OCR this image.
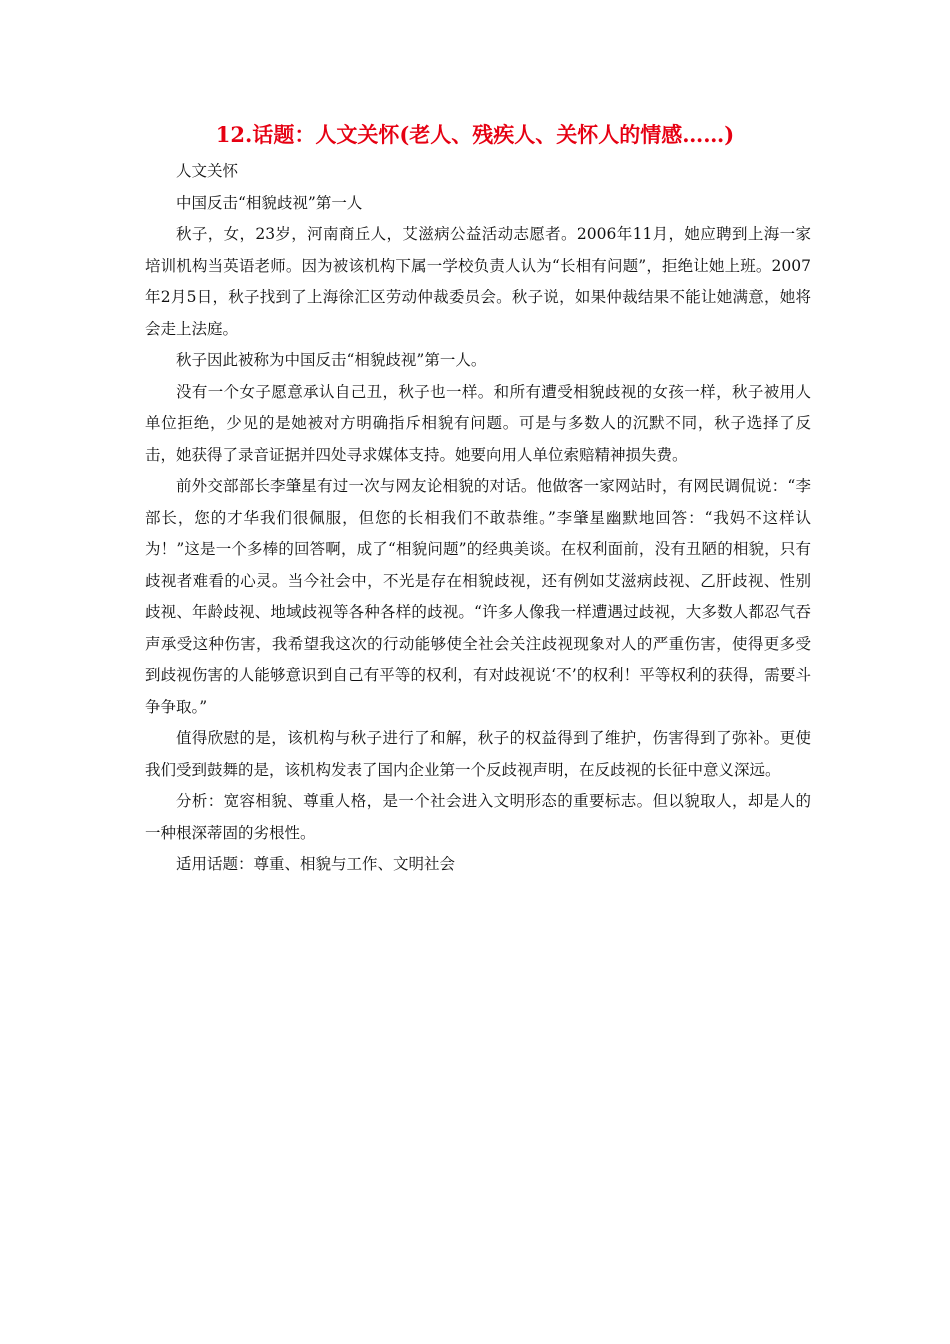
12.话题：人文关怀(老人、残疾人、关怀人的情感……)

人文关怀

中国反击“相貌歧视”第一人

秋子，女，23岁，河南商丘人，艾滋病公益活动志愿者。2006年11月，她应聘到上海一家培训机构当英语老师。因为被该机构下属一学校负责人认为“长相有问题”，拒绝让她上班。2007年2月5日，秋子找到了上海徐汇区劳动仲裁委员会。秋子说，如果仲裁结果不能让她满意，她将会走上法庭。

秋子因此被称为中国反击“相貌歧视”第一人。

没有一个女子愿意承认自己丑，秋子也一样。和所有遭受相貌歧视的女孩一样，秋子被用人单位拒绝，少见的是她被对方明确指斥相貌有问题。可是与多数人的沉默不同，秋子选择了反击，她获得了录音证据并四处寻求媒体支持。她要向用人单位索赔精神损失费。

前外交部部长李肇星有过一次与网友论相貌的对话。他做客一家网站时，有网民调侃说：“李部长，您的才华我们很佩服，但您的长相我们不敢恭维。”李肇星幽默地回答：“我妈不这样认为！”这是一个多棒的回答啊，成了“相貌问题”的经典美谈。在权利面前，没有丑陋的相貌，只有歧视者难看的心灵。当今社会中，不光是存在相貌歧视，还有例如艾滋病歧视、乙肝歧视、性别歧视、年龄歧视、地域歧视等各种各样的歧视。“许多人像我一样遭遇过歧视，大多数人都忍气吞声承受这种伤害，我希望我这次的行动能够使全社会关注歧视现象对人的严重伤害，使得更多受到歧视伤害的人能够意识到自己有平等的权利，有对歧视说‘不’的权利！平等权利的获得，需要斗争争取。”

值得欣慰的是，该机构与秋子进行了和解，秋子的权益得到了维护，伤害得到了弥补。更使我们受到鼓舞的是，该机构发表了国内企业第一个反歧视声明，在反歧视的长征中意义深远。

分析：宽容相貌、尊重人格，是一个社会进入文明形态的重要标志。但以貌取人，却是人的一种根深蒂固的劣根性。

适用话题：尊重、相貌与工作、文明社会
